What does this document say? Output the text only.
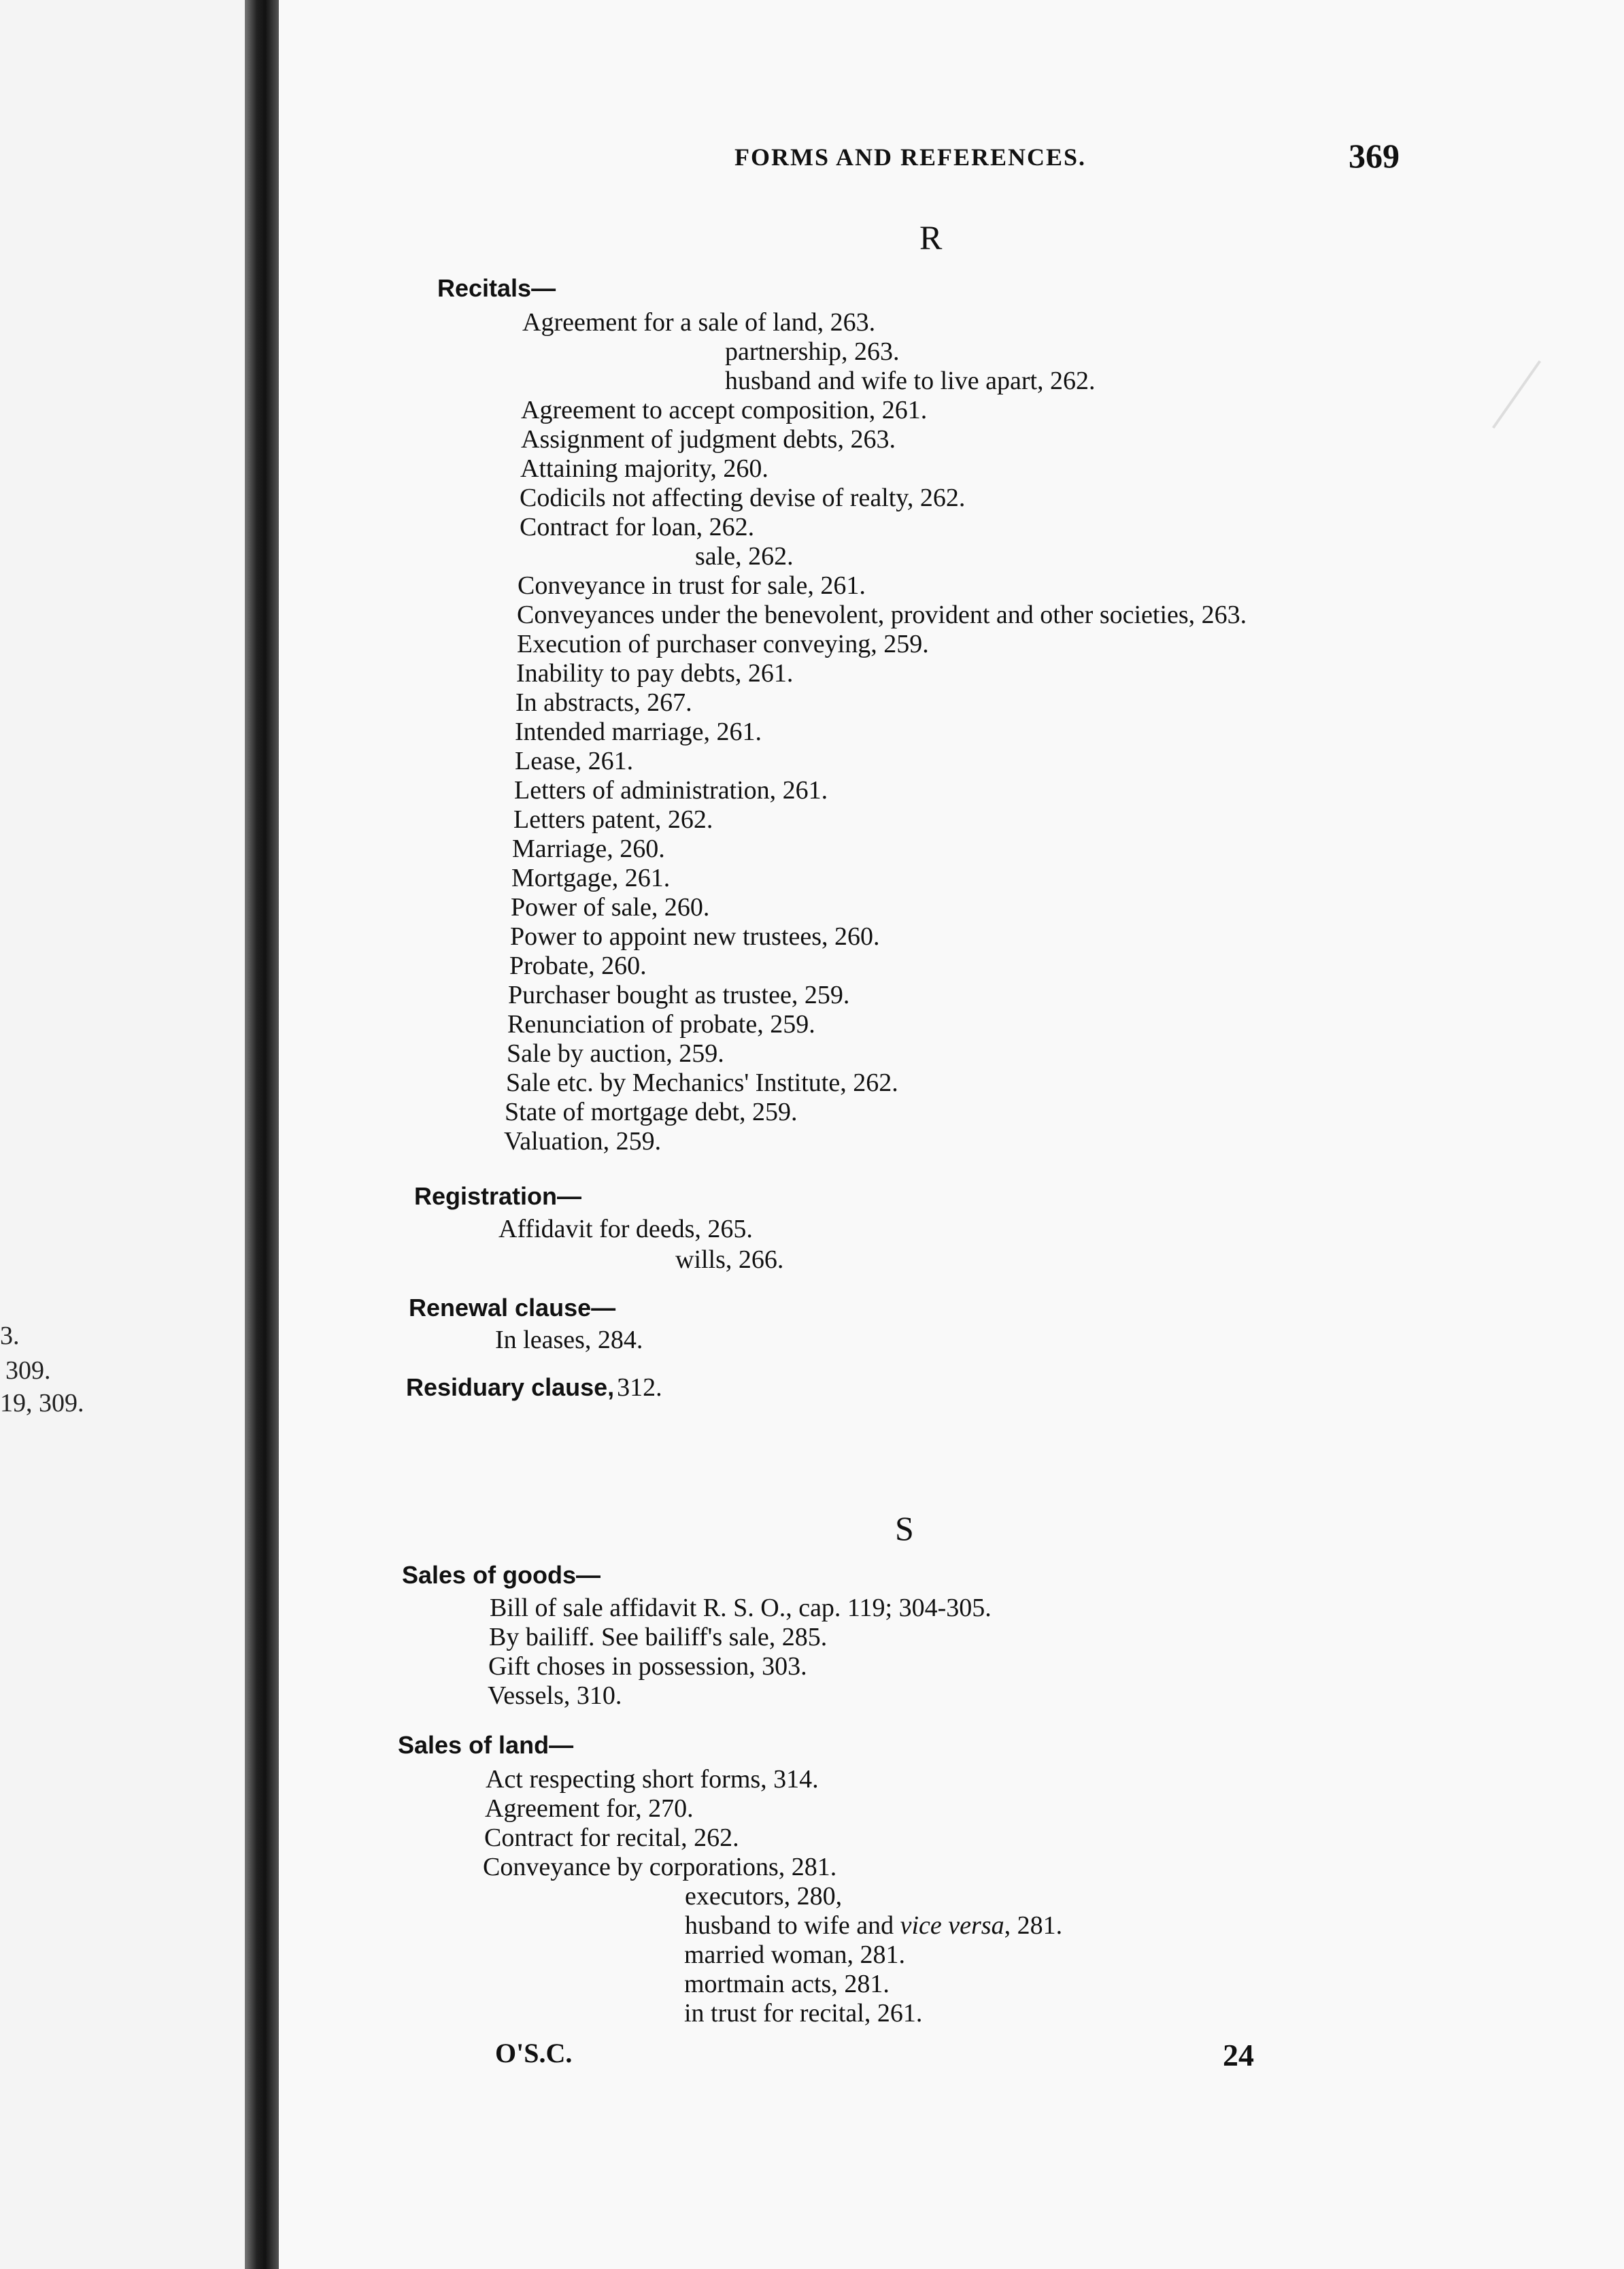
3.
309.
19, 309.
FORMS AND REFERENCES.	369
R
Recitals—
Agreement for a sale of land, 263.
partnership, 263.
husband and wife to live apart, 262.
Agreement to accept composition, 261.
Assignment of judgment debts, 263.
Attaining majority, 260.
Codicils not affecting devise of realty, 262.
Contract for loan, 262.
sale, 262.
Conveyance in trust for sale, 261.
Conveyances under the benevolent, provident and other societies, 263.
Execution of purchaser conveying, 259.
Inability to pay debts, 261.
In abstracts, 267.
Intended marriage, 261.
Lease, 261.
Letters of administration, 261.
Letters patent, 262.
Marriage, 260.
Mortgage, 261.
Power of sale, 260.
Power to appoint new trustees, 260.
Probate, 260.
Purchaser bought as trustee, 259.
Renunciation of probate, 259.
Sale by auction, 259.
Sale etc. by Mechanics' Institute, 262.
State of mortgage debt, 259.
Valuation, 259.
Registration—
Affidavit for deeds, 265.
wills, 266.
Renewal clause—
In leases, 284.
Residuary clause, 312.
S
Sales of goods—
Bill of sale affidavit R. S. O., cap. 119; 304-305.
By bailiff. See bailiff's sale, 285.
Gift choses in possession, 303.
Vessels, 310.
Sales of land—
Act respecting short forms, 314.
Agreement for, 270.
Contract for recital, 262.
Conveyance by corporations, 281.
executors, 280,
husband to wife and vice versa, 281.
married woman, 281.
mortmain acts, 281.
in trust for recital, 261.
O'S.C.	24
